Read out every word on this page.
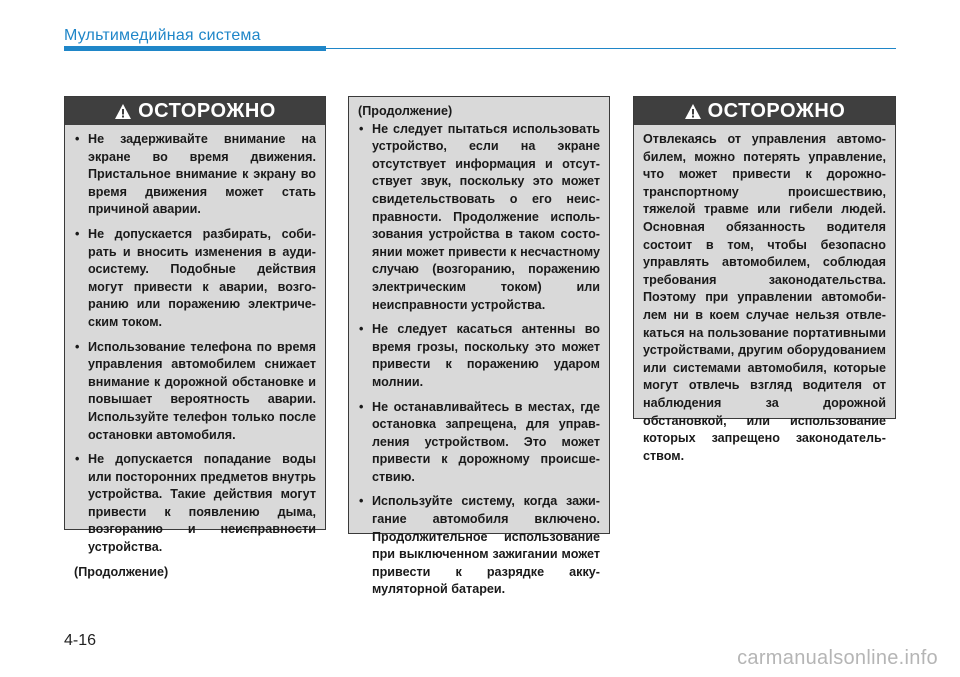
Мультимедийная система
ОСТОРОЖНО
• Не задерживайте внимание на экране во время движения. Пристальное внимание к экрану во время движения может стать причиной аварии.
• Не допускается разбирать, собирать и вносить изменения в аудиосистему. Подобные действия могут привести к аварии, возгоранию или поражению электрическим током.
• Использование телефона по время управления автомобилем снижает внимание к дорожной обстановке и повышает вероятность аварии. Используйте телефон только после остановки автомобиля.
• Не допускается попадание воды или посторонних предметов внутрь устройства. Такие действия могут привести к появлению дыма, возгоранию и неисправности устройства.

(Продолжение)

(Продолжение)

• Не следует пытаться использовать устройство, если на экране отсутствует информация и отсутствует звук, поскольку это может свидетельствовать о его неисправности. Продолжение использования устройства в таком состоянии может привести к несчастному случаю (возгоранию, поражению электрическим током) или неисправности устройства.
• Не следует касаться антенны во время грозы, поскольку это может привести к поражению ударом молнии.
• Не останавливайтесь в местах, где остановка запрещена, для управления устройством. Это может привести к дорожному происшествию.
• Используйте систему, когда зажигание автомобиля включено. Продолжительное использование при выключенном зажигании может привести к разрядке аккумуляторной батареи.
ОСТОРОЖНО

Отвлекаясь от управления автомобилем, можно потерять управление, что может привести к дорожно-транспортному происшествию, тяжелой травме или гибели людей. Основная обязанность водителя состоит в том, чтобы безопасно управлять автомобилем, соблюдая требования законодательства. Поэтому при управлении автомобилем ни в коем случае нельзя отвлекаться на пользование портативными устройствами, другим оборудованием или системами автомобиля, которые могут отвлечь взгляд водителя от наблюдения за дорожной обстановкой, или использование которых запрещено законодательством.

4-16
carmanualsonline.info
